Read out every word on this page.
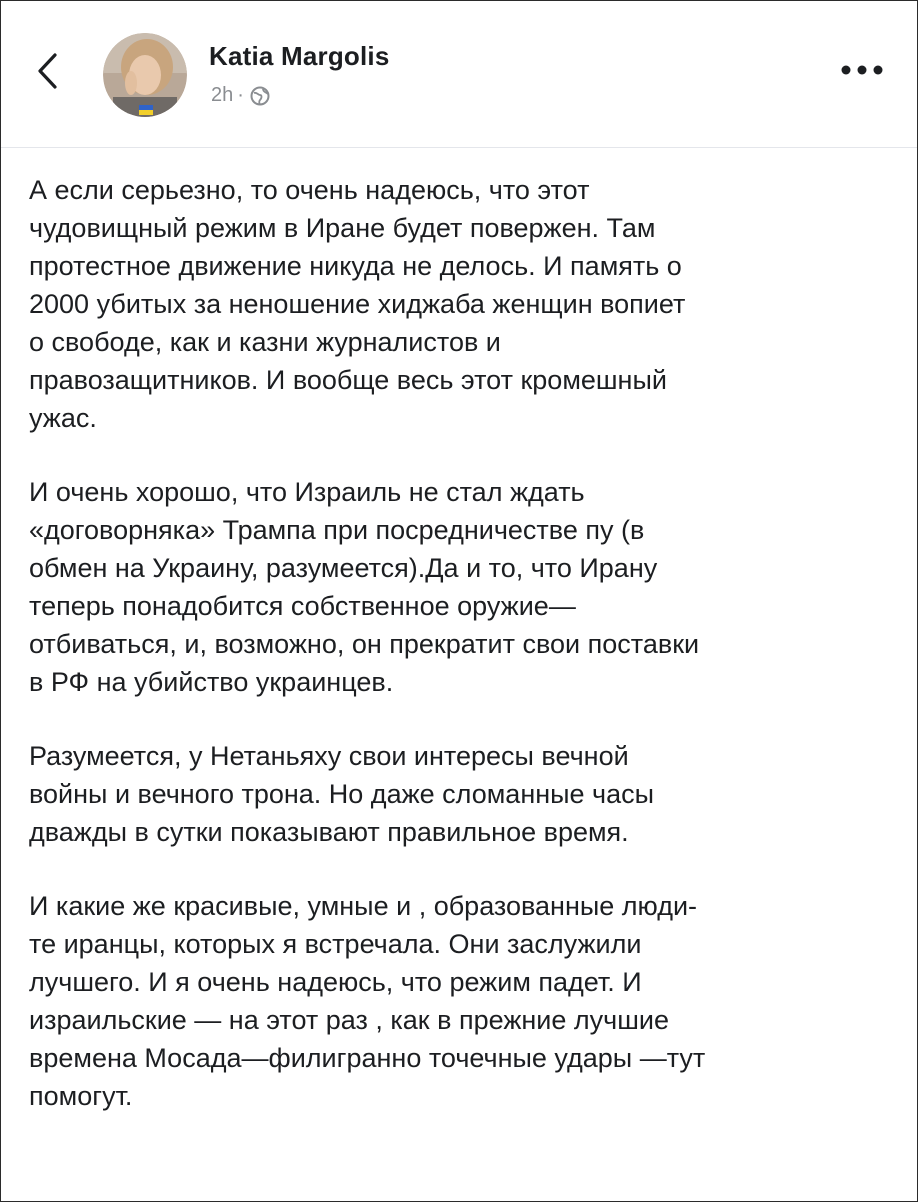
Katia Margolis
2h ·

А если серьезно, то очень надеюсь, что этот
чудовищный режим в Иране будет повержен. Там
протестное движение никуда не делось. И память о
2000 убитых за неношение хиджаба женщин вопиет
о свободе, как и казни журналистов и
правозащитников. И вообще весь этот кромешный
ужас.

И очень хорошо, что Израиль не стал ждать
«договорняка» Трампа при посредничестве пу (в
обмен на Украину, разумеется).Да и то, что Ирану
теперь понадобится собственное оружие—
отбиваться, и, возможно, он прекратит свои поставки
в РФ на убийство украинцев.

Разумеется, у Нетаньяху свои интересы вечной
войны и вечного трона. Но даже сломанные часы
дважды в сутки показывают правильное время.

И какие же красивые, умные и , образованные люди-
те иранцы, которых я встречала. Они заслужили
лучшего. И я очень надеюсь, что режим падет. И
израильские — на этот раз , как в прежние лучшие
времена Мосада—филигранно точечные удары —тут
помогут.
